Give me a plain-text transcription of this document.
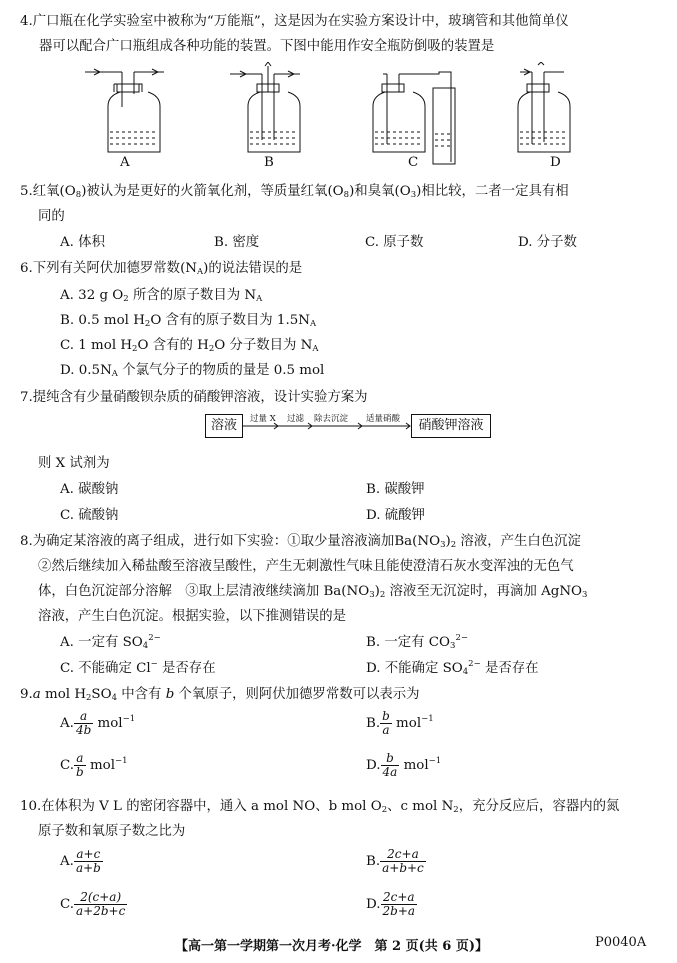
4.广口瓶在化学实验室中被称为“万能瓶”，这是因为在实验方案设计中，玻璃管和其他简单仪
器可以配合广口瓶组成各种功能的装置。下图中能用作安全瓶防倒吸的装置是
A	B	C	D
5.红氧$(O_8)$被认为是更好的火箭氧化剂，等质量红氧$(O_8)$和臭氧$(O_3)$相比较，二者一定具有相
同的
A. 体积	B. 密度	C. 原子数	D. 分子数
6.下列有关阿伏加德罗常数$(N_A)$的说法错误的是
A. 32 g $O_2$ 所含的原子数目为 $N_A$
B. 0.5 mol $H_2O$ 含有的原子数目为 $1.5N_A$
C. 1 mol $H_2O$ 含有的 $H_2O$ 分子数目为 $N_A$
D. $0.5N_A$ 个氯气分子的物质的量是 0.5 mol
7.提纯含有少量硝酸钡杂质的硝酸钾溶液，设计实验方案为
溶液	硝酸钾溶液
过量 X 过滤 除去沉淀 适量硝酸
则 X 试剂为
A. 碳酸钠	B. 碳酸钾
C. 硫酸钠	D. 硫酸钾
8.为确定某溶液的离子组成，进行如下实验：①取少量溶液滴加$Ba(NO_3)_2$ 溶液，产生白色沉淀
②然后继续加入稀盐酸至溶液呈酸性，产生无刺激性气味且能使澄清石灰水变浑浊的无色气
体，白色沉淀部分溶解　③取上层清液继续滴加 $Ba(NO_3)_2$ 溶液至无沉淀时，再滴加 AgNO$_3$
溶液，产生白色沉淀。根据实验，以下推测错误的是
A. 一定有 $SO_4^{2-}$	B. 一定有 $CO_3^{2-}$
C. 不能确定 Cl− 是否存在	D. 不能确定 $SO_4^{2-}$ 是否存在
9.a mol $H_2SO_4$ 中含有 b 个氧原子，则阿伏加德罗常数可以表示为
A. $\frac{a}{4b} mol^{-1}$	B. $\frac{b}{a} mol^{-1}$
C. $\frac{a}{b} mol^{-1}$	D. $\frac{b}{4a} mol^{-1}$
10.在体积为 V L 的密闭容器中，通入 a mol NO、b mol $O_2$、c mol $N_2$，充分反应后，容器内的氮
原子数和氧原子数之比为
A. $\frac{a+c}{a+b}$	B. $\frac{2c+a}{a+b+c}$
C. $\frac{2(c+a)}{a+2b+c}$	D. $\frac{2c+a}{2b+a}$
【高一第一学期第一次月考·化学　第 2 页(共 6 页)】	P0040A
